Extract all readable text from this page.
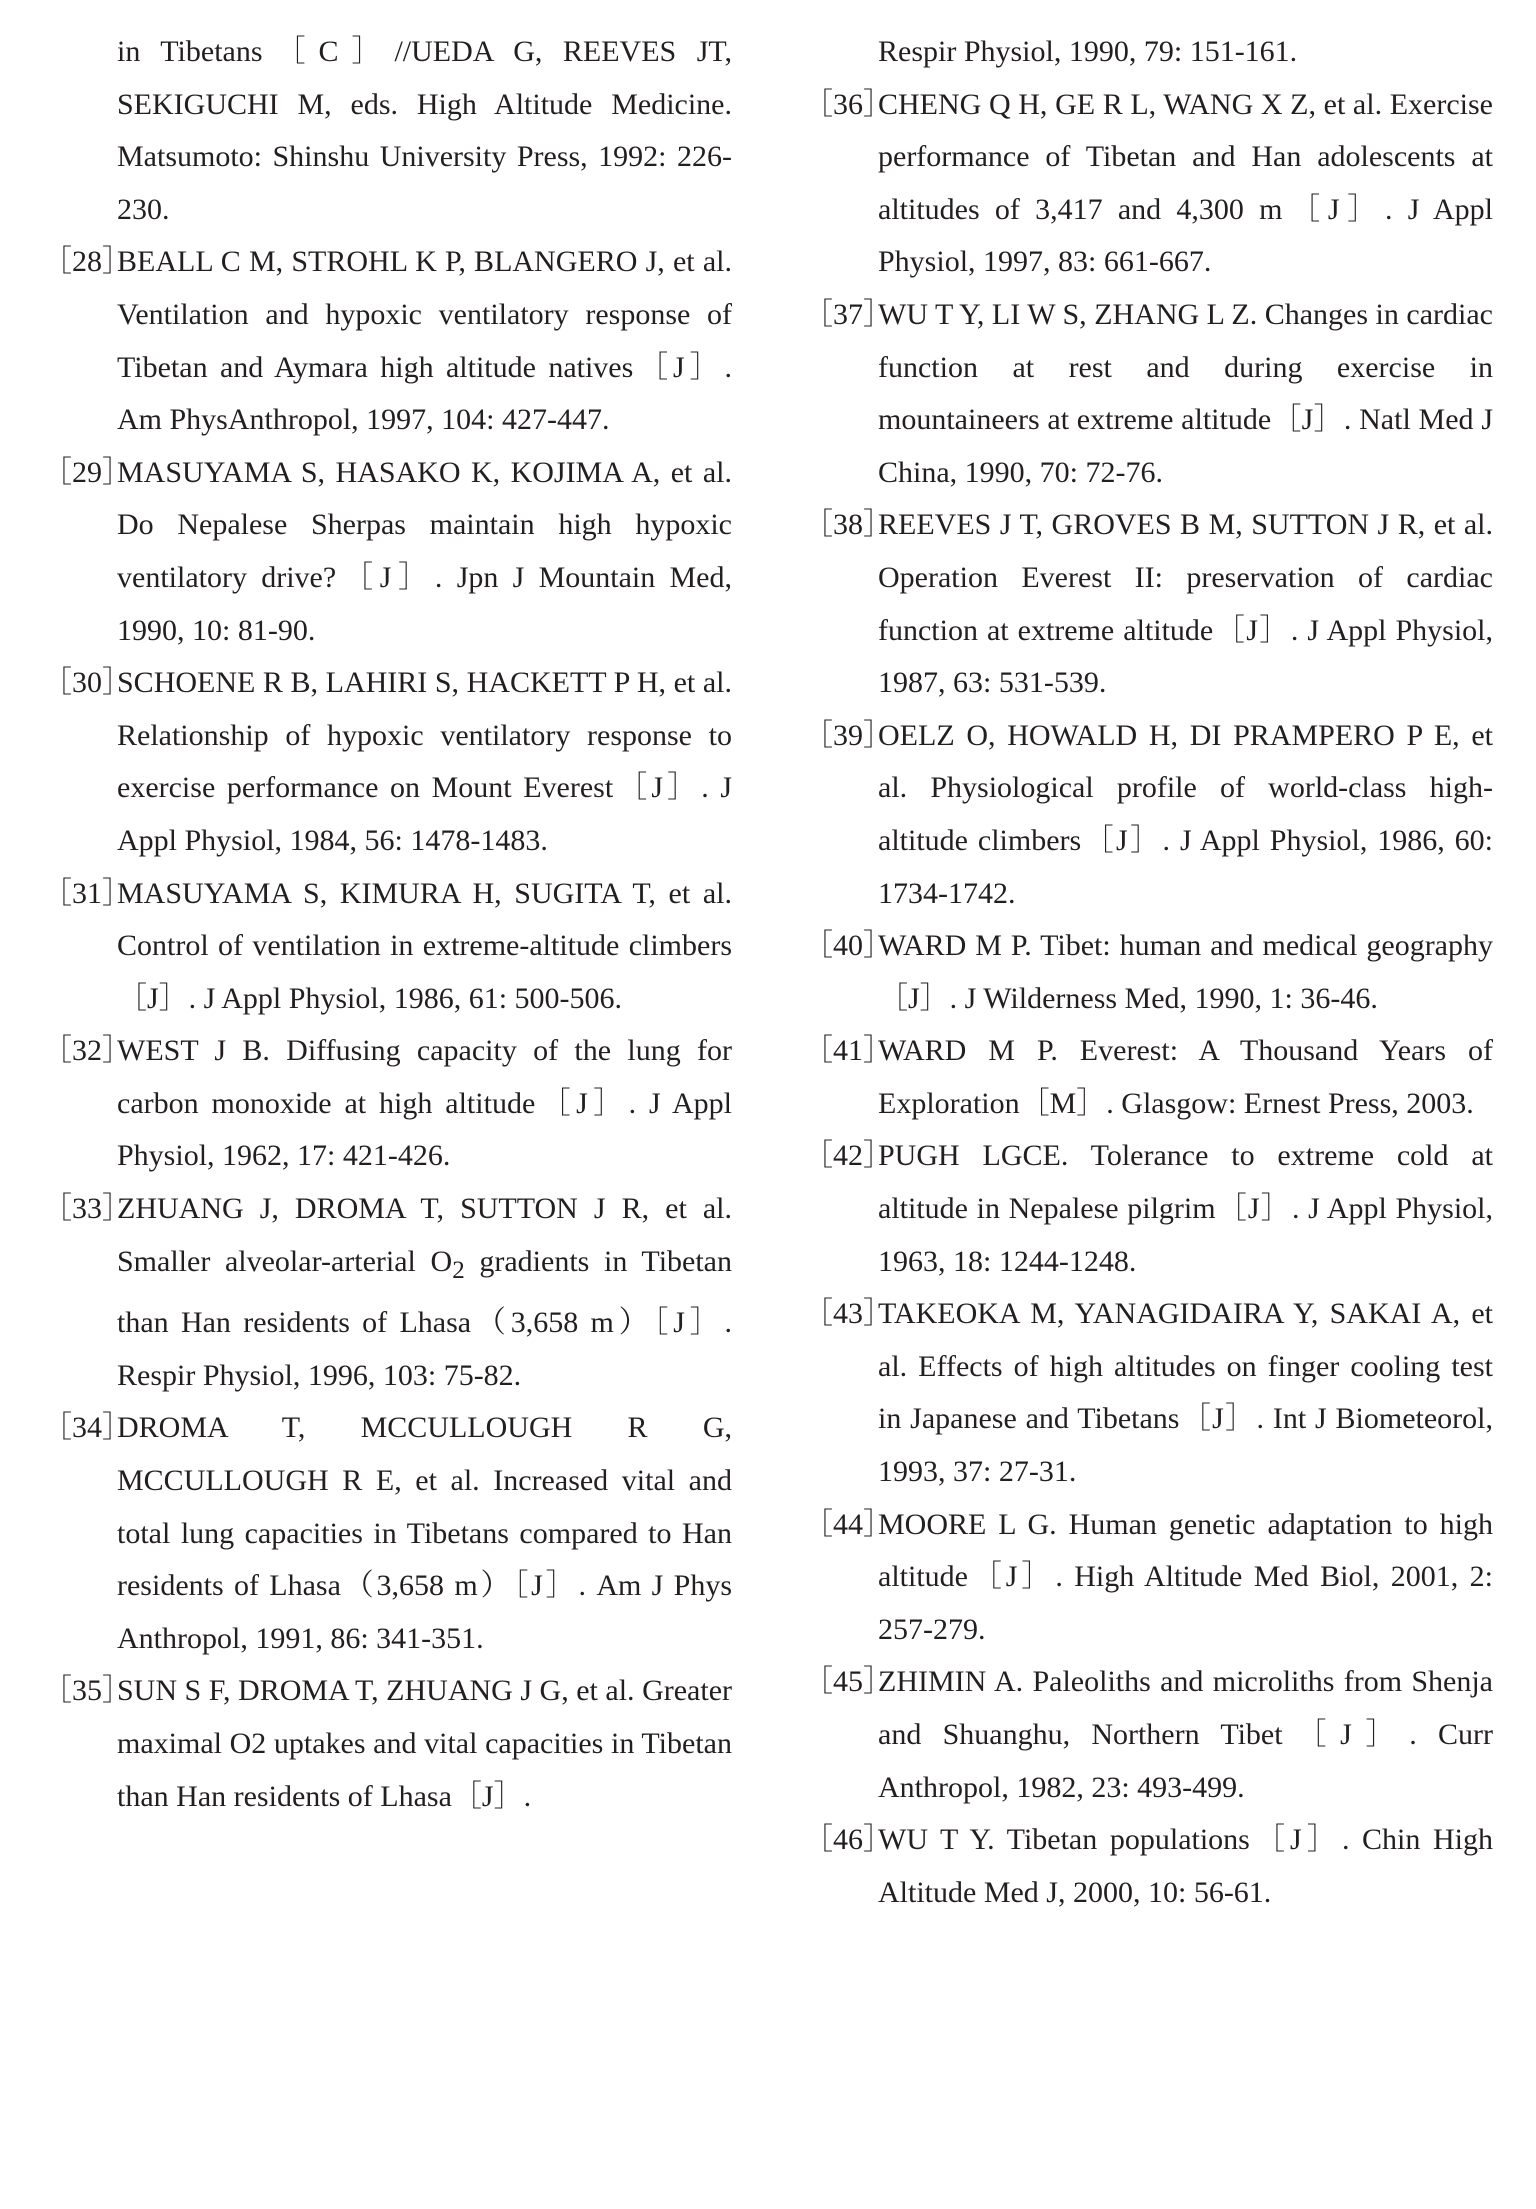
in Tibetans［C］//UEDA G, REEVES JT, SEKIGUCHI M, eds. High Altitude Medicine. Matsumoto: Shinshu University Press, 1992: 226-230.
［28］
BEALL C M, STROHL K P, BLANGERO J, et al. Ventilation and hypoxic ventilatory response of Tibetan and Aymara high altitude natives［J］. Am PhysAnthropol, 1997, 104: 427-447.
［29］
MASUYAMA S, HASAKO K, KOJIMA A, et al. Do Nepalese Sherpas maintain high hypoxic ventilatory drive?［J］. Jpn J Mountain Med, 1990, 10: 81-90.
［30］
SCHOENE R B, LAHIRI S, HACKETT P H, et al. Relationship of hypoxic ventilatory response to exercise performance on Mount Everest［J］. J Appl Physiol, 1984, 56: 1478-1483.
［31］
MASUYAMA S, KIMURA H, SUGITA T, et al. Control of ventilation in extreme-altitude climbers［J］. J Appl Physiol, 1986, 61: 500-506.
［32］
WEST J B. Diffusing capacity of the lung for carbon monoxide at high altitude［J］. J Appl Physiol, 1962, 17: 421-426.
［33］
ZHUANG J, DROMA T, SUTTON J R, et al. Smaller alveolar-arterial $O_2$ gradients in Tibetan than Han residents of Lhasa（3,658 m）［J］. Respir Physiol, 1996, 103: 75-82.
［34］
DROMA T, MCCULLOUGH R G, MCCULLOUGH R E, et al. Increased vital and total lung capacities in Tibetans compared to Han residents of Lhasa（3,658 m）［J］. Am J Phys Anthropol, 1991, 86: 341-351.
［35］
SUN S F, DROMA T, ZHUANG J G, et al. Greater maximal O2 uptakes and vital capacities in Tibetan than Han residents of Lhasa［J］.
Respir Physiol, 1990, 79: 151-161.
［36］
CHENG Q H, GE R L, WANG X Z, et al. Exercise performance of Tibetan and Han adolescents at altitudes of 3,417 and 4,300 m［J］. J Appl Physiol, 1997, 83: 661-667.
［37］
WU T Y, LI W S, ZHANG L Z. Changes in cardiac function at rest and during exercise in mountaineers at extreme altitude［J］. Natl Med J China, 1990, 70: 72-76.
［38］
REEVES J T, GROVES B M, SUTTON J R, et al. Operation Everest II: preservation of cardiac function at extreme altitude［J］. J Appl Physiol, 1987, 63: 531-539.
［39］
OELZ O, HOWALD H, DI PRAMPERO P E, et al. Physiological profile of world-class high-altitude climbers［J］. J Appl Physiol, 1986, 60: 1734-1742.
［40］
WARD M P. Tibet: human and medical geography［J］. J Wilderness Med, 1990, 1: 36-46.
［41］
WARD M P. Everest: A Thousand Years of Exploration［M］. Glasgow: Ernest Press, 2003.
［42］
PUGH LGCE. Tolerance to extreme cold at altitude in Nepalese pilgrim［J］. J Appl Physiol, 1963, 18: 1244-1248.
［43］
TAKEOKA M, YANAGIDAIRA Y, SAKAI A, et al. Effects of high altitudes on finger cooling test in Japanese and Tibetans［J］. Int J Biometeorol, 1993, 37: 27-31.
［44］
MOORE L G. Human genetic adaptation to high altitude［J］. High Altitude Med Biol, 2001, 2: 257-279.
［45］
ZHIMIN A. Paleoliths and microliths from Shenja and Shuanghu, Northern Tibet［J］. Curr Anthropol, 1982, 23: 493-499.
［46］
WU T Y. Tibetan populations［J］. Chin High Altitude Med J, 2000, 10: 56-61.
